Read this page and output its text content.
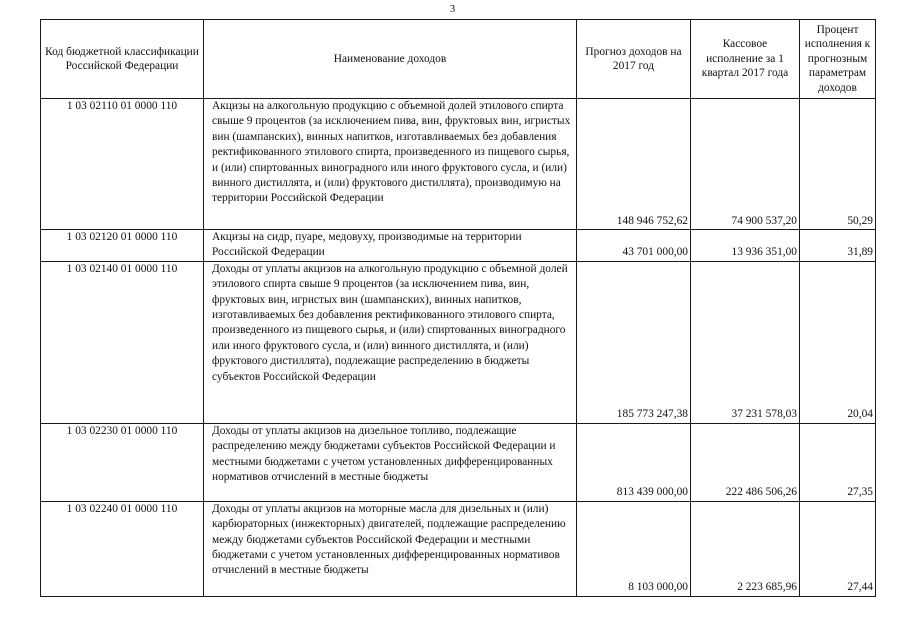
3
Код бюджетной классификации Российской Федерации	Наименование доходов	Прогноз доходов на 2017 год	Кассовое исполнение за 1 квартал 2017 года	Процент исполнения к прогнозным параметрам доходов
1 03 02110 01 0000 110	Акцизы на алкогольную продукцию с объемной долей этилового спирта свыше 9 процентов (за исключением пива, вин, фруктовых вин, игристых вин (шампанских), винных напитков, изготавливаемых без добавления ректификованного этилового спирта, произведенного из пищевого сырья, и (или) спиртованных виноградного или иного фруктового сусла, и (или) винного дистиллята, и (или) фруктового дистиллята), производимую на территории Российской Федерации	148 946 752,62	74 900 537,20	50,29
1 03 02120 01 0000 110	Акцизы на сидр, пуаре, медовуху, производимые на территории Российской Федерации	43 701 000,00	13 936 351,00	31,89
1 03 02140 01 0000 110	Доходы от уплаты акцизов на алкогольную продукцию с объемной долей этилового спирта свыше 9 процентов (за исключением пива, вин, фруктовых вин, игристых вин (шампанских), винных напитков, изготавливаемых без добавления ректификованного этилового спирта, произведенного из пищевого сырья, и (или) спиртованных виноградного или иного фруктового сусла, и (или) винного дистиллята, и (или) фруктового дистиллята), подлежащие распределению в бюджеты субъектов Российской Федерации	185 773 247,38	37 231 578,03	20,04
1 03 02230 01 0000 110	Доходы от уплаты акцизов на дизельное топливо, подлежащие распределению между бюджетами субъектов Российской Федерации и местными бюджетами с учетом установленных дифференцированных нормативов отчислений в местные бюджеты	813 439 000,00	222 486 506,26	27,35
1 03 02240 01 0000 110	Доходы от уплаты акцизов на моторные масла для дизельных и (или) карбюраторных (инжекторных) двигателей, подлежащие распределению между бюджетами субъектов Российской Федерации и местными бюджетами с учетом установленных дифференцированных нормативов отчислений в местные бюджеты	8 103 000,00	2 223 685,96	27,44
